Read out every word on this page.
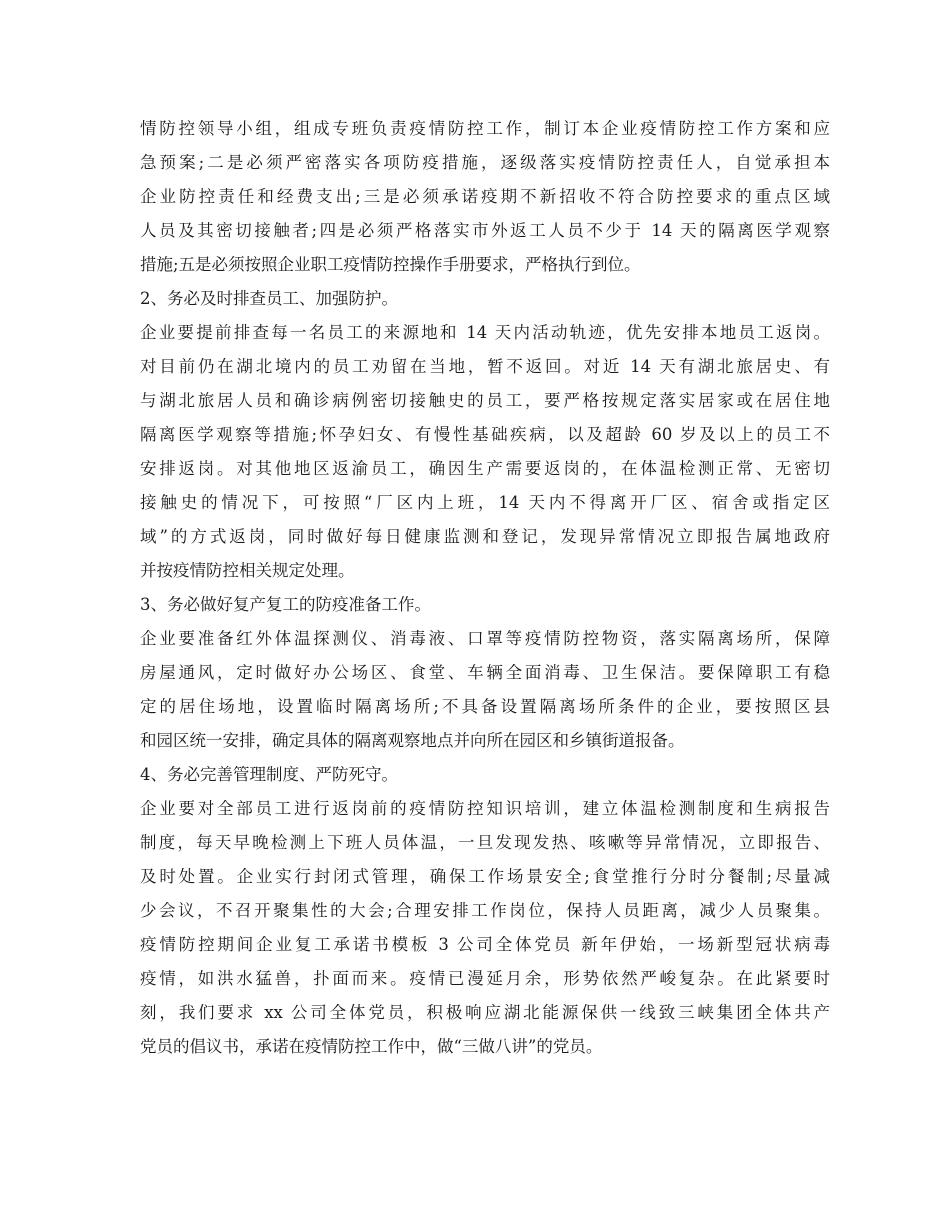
情防控领导小组，组成专班负责疫情防控工作，制订本企业疫情防控工作方案和应
急预案;二是必须严密落实各项防疫措施，逐级落实疫情防控责任人，自觉承担本
企业防控责任和经费支出;三是必须承诺疫期不新招收不符合防控要求的重点区域
人员及其密切接触者;四是必须严格落实市外返工人员不少于 14 天的隔离医学观察
措施;五是必须按照企业职工疫情防控操作手册要求，严格执行到位。
2、务必及时排查员工、加强防护。
企业要提前排查每一名员工的来源地和 14 天内活动轨迹，优先安排本地员工返岗。
对目前仍在湖北境内的员工劝留在当地，暂不返回。对近 14 天有湖北旅居史、有
与湖北旅居人员和确诊病例密切接触史的员工，要严格按规定落实居家或在居住地
隔离医学观察等措施;怀孕妇女、有慢性基础疾病，以及超龄 60 岁及以上的员工不
安排返岗。对其他地区返渝员工，确因生产需要返岗的，在体温检测正常、无密切
接触史的情况下，可按照“厂区内上班，14 天内不得离开厂区、宿舍或指定区
域”的方式返岗，同时做好每日健康监测和登记，发现异常情况立即报告属地政府
并按疫情防控相关规定处理。
3、务必做好复产复工的防疫准备工作。
企业要准备红外体温探测仪、消毒液、口罩等疫情防控物资，落实隔离场所，保障
房屋通风，定时做好办公场区、食堂、车辆全面消毒、卫生保洁。要保障职工有稳
定的居住场地，设置临时隔离场所;不具备设置隔离场所条件的企业，要按照区县
和园区统一安排，确定具体的隔离观察地点并向所在园区和乡镇街道报备。
4、务必完善管理制度、严防死守。
企业要对全部员工进行返岗前的疫情防控知识培训，建立体温检测制度和生病报告
制度，每天早晚检测上下班人员体温，一旦发现发热、咳嗽等异常情况，立即报告、
及时处置。企业实行封闭式管理，确保工作场景安全;食堂推行分时分餐制;尽量减
少会议，不召开聚集性的大会;合理安排工作岗位，保持人员距离，减少人员聚集。
疫情防控期间企业复工承诺书模板 3 公司全体党员 新年伊始，一场新型冠状病毒
疫情，如洪水猛兽，扑面而来。疫情已漫延月余，形势依然严峻复杂。在此紧要时
刻，我们要求 xx 公司全体党员，积极响应湖北能源保供一线致三峡集团全体共产
党员的倡议书，承诺在疫情防控工作中，做“三做八讲”的党员。
